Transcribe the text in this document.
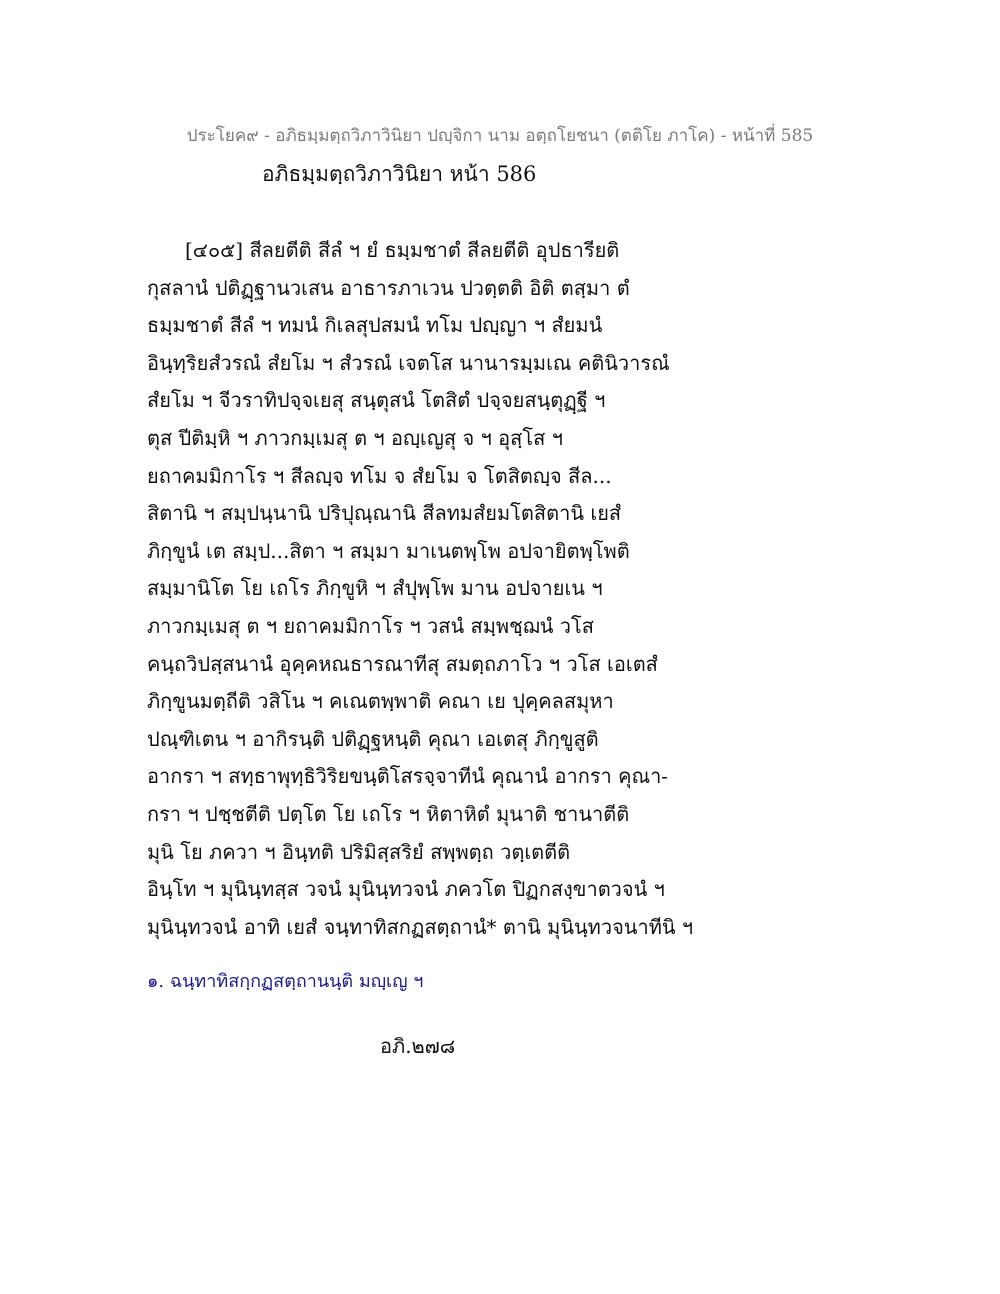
ประโยค๙ - อภิธมฺมตฺถวิภาวินิยา ปญฺจิกา นาม อตฺถโยชนา (ตติโย ภาโค) - หน้าที่ 585
อภิธมฺมตฺถวิภาวินิยา หน้า 586
[๔๐๕] สีลยตีติ สีลํ ฯ ยํ ธมฺมชาตํ สีลยตีติ อุปธารียติ
กุสลานํ ปติฏฺฐานวเสน อาธารภาเวน ปวตฺตติ อิติ ตสฺมา ตํ
ธมฺมชาตํ สีลํ ฯ ทมนํ กิเลสุปสมนํ ทโม ปญฺญา ฯ สํยมนํ
อินฺทฺริยสํวรณํ สํยโม ฯ สํวรณํ เจตโส นานารมฺมเณ คตินิวารณํ
สํยโม ฯ จีวราทิปจฺจเยสุ สนฺตุสนํ โตสิตํ ปจฺจยสนฺตุฏฺฐี ฯ
ตุส ปีติมฺหิ ฯ ภาวกมฺเมสุ ต ฯ อญฺเญสุ จ ฯ อุสฺโส ฯ
ยถาคมมิกาโร ฯ สีลญฺจ ทโม จ สํยโม จ โตสิตญฺจ สีล...
สิตานิ ฯ สมฺปนฺนานิ ปริปุณฺณานิ สีลทมสํยมโตสิตานิ เยสํ
ภิกฺขูนํ เต สมฺป...สิตา ฯ สมฺมา มาเนตพฺโพ อปจายิตพฺโพติ
สมฺมานิโต โย เถโร ภิกฺขูหิ ฯ สํปุพฺโพ มาน อปจายเน ฯ
ภาวกมฺเมสุ ต ฯ ยถาคมมิกาโร ฯ วสนํ สมฺพชฺฌนํ วโส
คนฺถวิปสฺสนานํ อุคฺคหณธารณาทีสุ สมตฺถภาโว ฯ วโส เอเตสํ
ภิกฺขูนมตฺถีติ วสิโน ฯ คเณตพฺพาติ คณา เย ปุคฺคลสมุหา
ปณฺฑิเตน ฯ อากิรนฺติ ปติฏฺฐหนฺติ คุณา เอเตสุ ภิกฺขูสูติ
อากรา ฯ สทฺธาพุทฺธิวิริยขนฺติโสรจฺจาทีนํ คุณานํ อากรา คุณา-
กรา ฯ ปชฺชตีติ ปตฺโต โย เถโร ฯ หิตาหิตํ มุนาติ ชานาตีติ
มุนิ โย ภควา ฯ อินฺทติ ปริมิสฺสริยํ สพฺพตฺถ วตฺเตตีติ
อินฺโท ฯ มุนินฺทสฺส วจนํ มุนินฺทวจนํ ภควโต ปิฏกสงฺขาตวจนํ ฯ
มุนินฺทวจนํ อาทิ เยสํ จนฺทาทิสกฏสตฺถานํ* ตานิ มุนินฺทวจนาทีนิ ฯ
๑. ฉนฺทาทิสกฺกฏสตฺถานนฺติ มญฺเญ ฯ
อภิ.๒๗๘
